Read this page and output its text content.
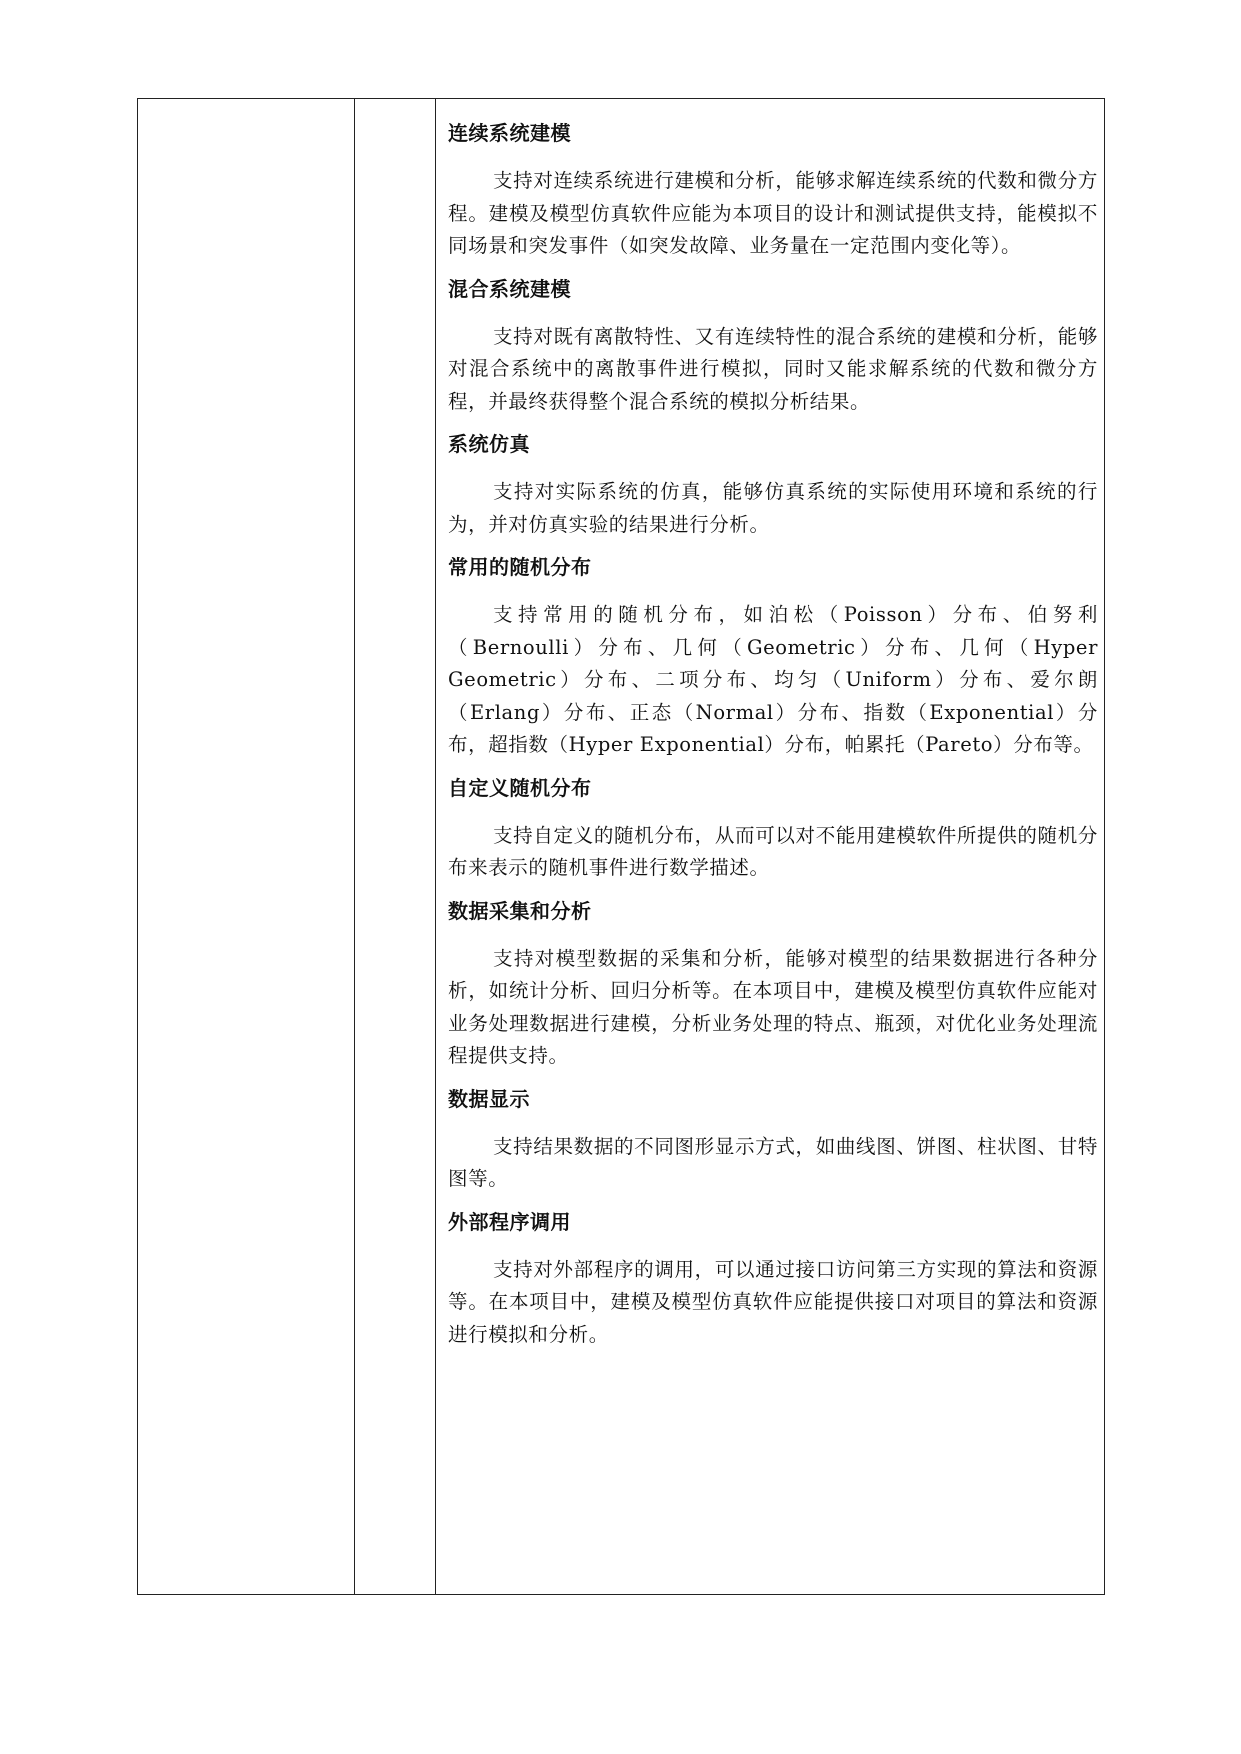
连续系统建模

支持对连续系统进行建模和分析，能够求解连续系统的代数和微分方程。建模及模型仿真软件应能为本项目的设计和测试提供支持，能模拟不同场景和突发事件（如突发故障、业务量在一定范围内变化等）。

混合系统建模

支持对既有离散特性、又有连续特性的混合系统的建模和分析，能够对混合系统中的离散事件进行模拟，同时又能求解系统的代数和微分方程，并最终获得整个混合系统的模拟分析结果。

系统仿真

支持对实际系统的仿真，能够仿真系统的实际使用环境和系统的行为，并对仿真实验的结果进行分析。

常用的随机分布

支持常用的随机分布，如泊松（Poisson）分布、伯努利（Bernoulli）分布、几何（Geometric）分布、几何（Hyper Geometric）分布、二项分布、均匀（Uniform）分布、爱尔朗（Erlang）分布、正态（Normal）分布、指数（Exponential）分布，超指数（Hyper Exponential）分布，帕累托（Pareto）分布等。

自定义随机分布

支持自定义的随机分布，从而可以对不能用建模软件所提供的随机分布来表示的随机事件进行数学描述。

数据采集和分析

支持对模型数据的采集和分析，能够对模型的结果数据进行各种分析，如统计分析、回归分析等。在本项目中，建模及模型仿真软件应能对业务处理数据进行建模，分析业务处理的特点、瓶颈，对优化业务处理流程提供支持。

数据显示

支持结果数据的不同图形显示方式，如曲线图、饼图、柱状图、甘特图等。

外部程序调用

支持对外部程序的调用，可以通过接口访问第三方实现的算法和资源等。在本项目中，建模及模型仿真软件应能提供接口对项目的算法和资源进行模拟和分析。
